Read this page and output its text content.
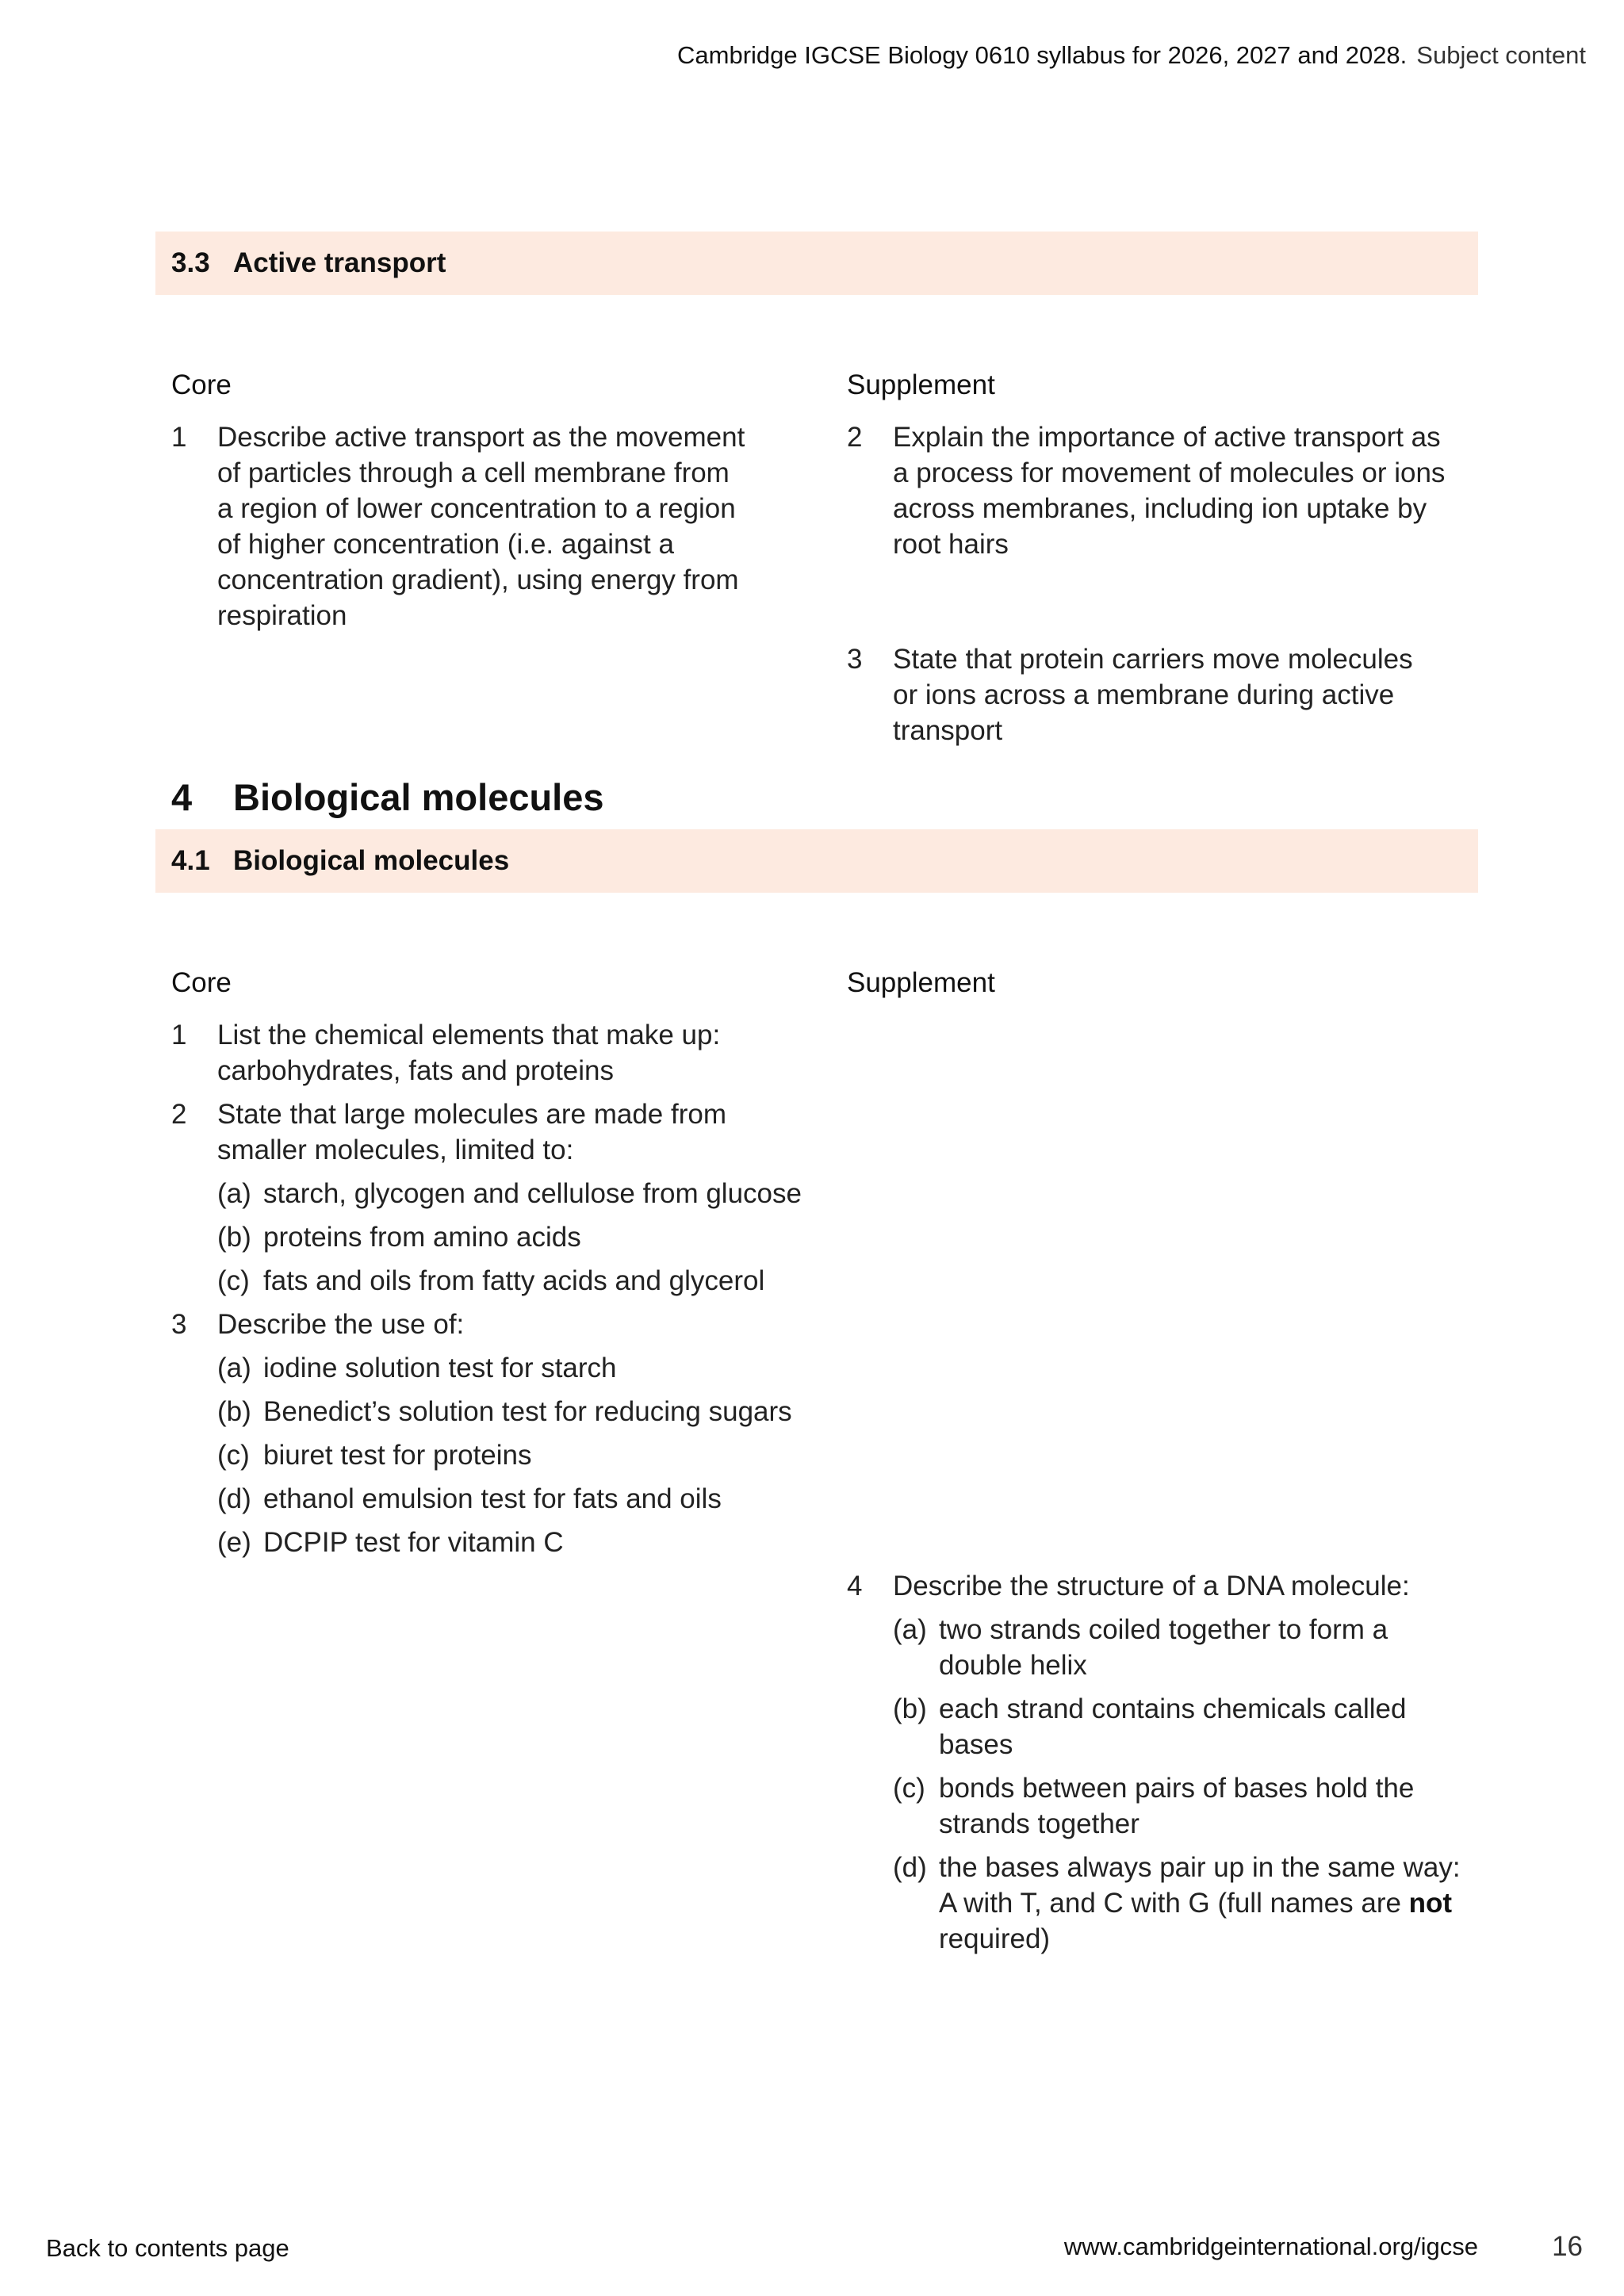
Cambridge IGCSE Biology 0610 syllabus for 2026, 2027 and 2028. Subject content
3.3 Active transport
Core	Supplement
1 Describe active transport as the movement
of particles through a cell membrane from
a region of lower concentration to a region
of higher concentration (i.e. against a
concentration gradient), using energy from
respiration
2 Explain the importance of active transport as
a process for movement of molecules or ions
across membranes, including ion uptake by
root hairs
3 State that protein carriers move molecules
or ions across a membrane during active
transport
4 Biological molecules
4.1 Biological molecules
Core	Supplement
1 List the chemical elements that make up:
carbohydrates, fats and proteins
2 State that large molecules are made from
smaller molecules, limited to:
(a) starch, glycogen and cellulose from glucose
(b) proteins from amino acids
(c) fats and oils from fatty acids and glycerol
3 Describe the use of:
(a) iodine solution test for starch
(b) Benedict’s solution test for reducing sugars
(c) biuret test for proteins
(d) ethanol emulsion test for fats and oils
(e) DCPIP test for vitamin C
4 Describe the structure of a DNA molecule:
(a) two strands coiled together to form a
double helix
(b) each strand contains chemicals called
bases
(c) bonds between pairs of bases hold the
strands together
(d) the bases always pair up in the same way:
A with T, and C with G (full names are not
required)
Back to contents page	www.cambridgeinternational.org/igcse	16
